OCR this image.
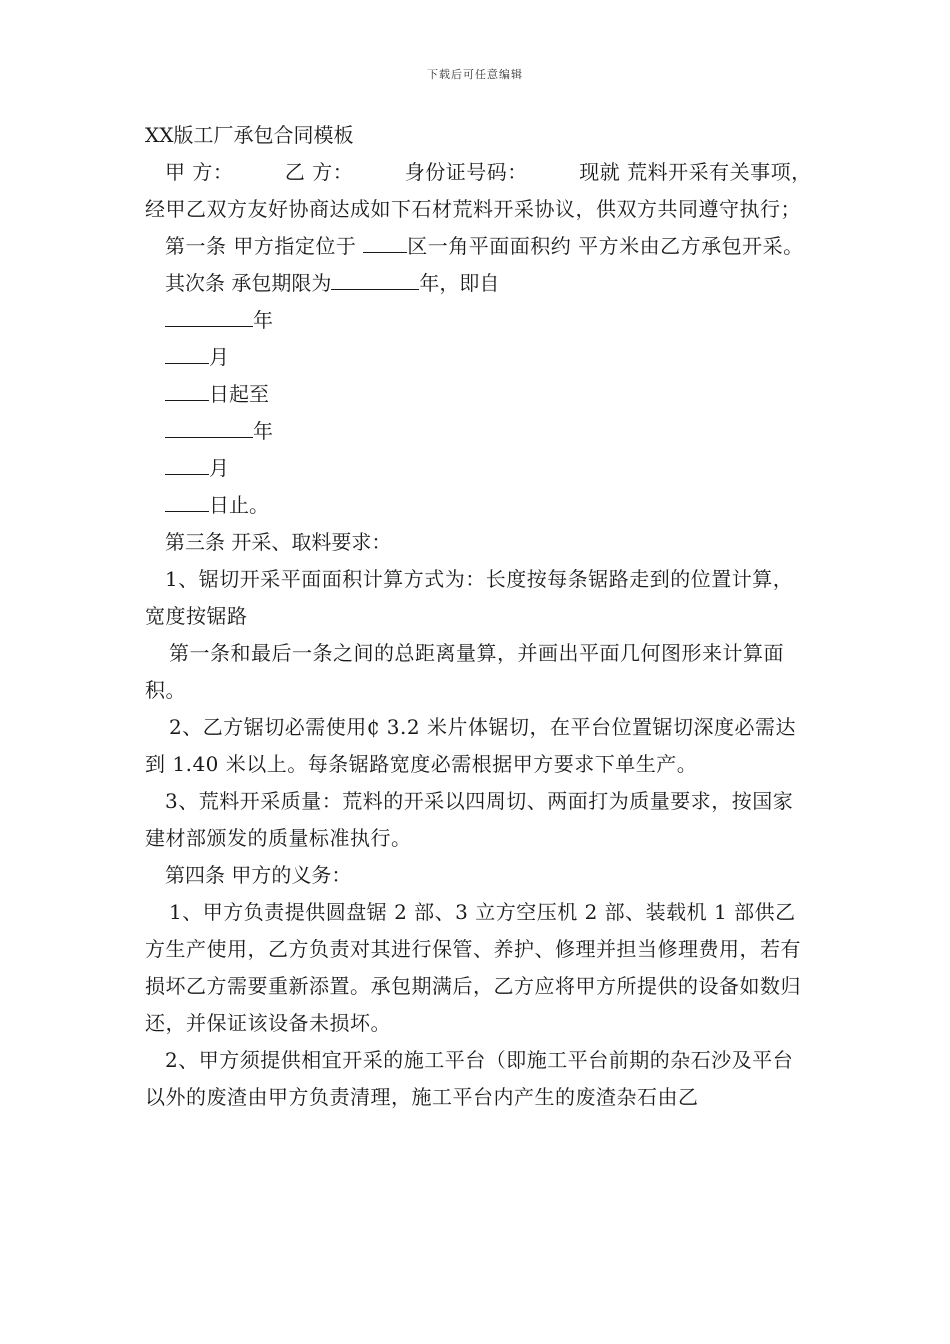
下载后可任意编辑
XX版工厂承包合同模板

甲 方：　　　乙 方：　　　身份证号码：　　　现就 荒料开采有关事项，经甲乙双方友好协商达成如下石材荒料开采协议，供双方共同遵守执行；

第一条 甲方指定位于 区一角平面面积约 平方米由乙方承包开采。

其次条 承包期限为	年，即自

年

月

日起至

年

月

日止。

第三条 开采、取料要求：

1、锯切开采平面面积计算方式为：长度按每条锯路走到的位置计算，宽度按锯路

第一条和最后一条之间的总距离量算，并画出平面几何图形来计算面积。

2、乙方锯切必需使用₵ 3.2 米片体锯切，在平台位置锯切深度必需达到 1.40 米以上。每条锯路宽度必需根据甲方要求下单生产。

3、荒料开采质量：荒料的开采以四周切、两面打为质量要求，按国家建材部颁发的质量标准执行。

第四条 甲方的义务：

1、甲方负责提供圆盘锯 2 部、3 立方空压机 2 部、装载机 1 部供乙方生产使用，乙方负责对其进行保管、养护、修理并担当修理费用，若有损坏乙方需要重新添置。承包期满后，乙方应将甲方所提供的设备如数归还，并保证该设备未损坏。

2、甲方须提供相宜开采的施工平台（即施工平台前期的杂石沙及平台以外的废渣由甲方负责清理，施工平台内产生的废渣杂石由乙
